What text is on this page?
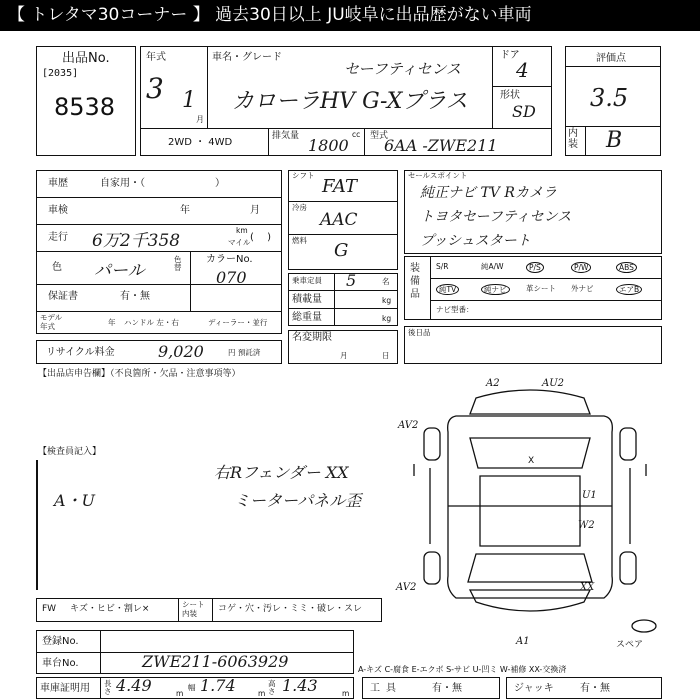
【 トレタマ30コーナー 】 過去30日以上 JU岐阜に出品歴がない車両
出品No.
[2035]
8538
年式
3 1
月
車名・グレード
セーフティセンス
カローラHV G-Xプラス
ドア
4
形状
SD
2WD ・ 4WD
排気量	cc
1800 型式
6AA -ZWE211
評価点
3.5
内装 B
車歴	自家用・（　　　　　　　）
車検	年	月
走行 6万2千358
km
マイル (　 )
色 パール
色替
カラーNo.
070
保証書	有・無
モデル
年式	年 ハンドル 左・右	ディーラー・並行
リサイクル料金	9,020	円 預託済
シフト
FAT
冷房
AAC
燃料 G
乗車定員 5	名
積載量	kg
総重量	kg
名変期限
月	日
セールスポイント
純正ナビ TV Rカメラ
トヨタセーフティセンス
プッシュスタート
装備品
S/R	純A/W	P/S	P/W	ABS
純TV	純ナビ	革シート 外ナビ	エアB
ナビ型番：
後日品
【出品店申告欄】（不良箇所・欠品・注意事項等）
【検査員記入】
A・U
右Rフェンダー XX
ミーターパネル歪
A2	AU2
AV2
X
U1
W2
AV2	XX
A1	スペア
FW キズ・ヒビ・割レ×	シート 内装	コゲ・穴・汚レ・ミミ・破レ・スレ
登録No.
車台No.	ZWE211-6063929	A-キズ C-腐食 E-エクボ S-サビ U-凹ミ W-補修 XX-交換済
車庫証明用 長さ 4.49	m
幅 1.74	m
高さ 1.43	m 工具	有・無	ジャッキ	有・無
